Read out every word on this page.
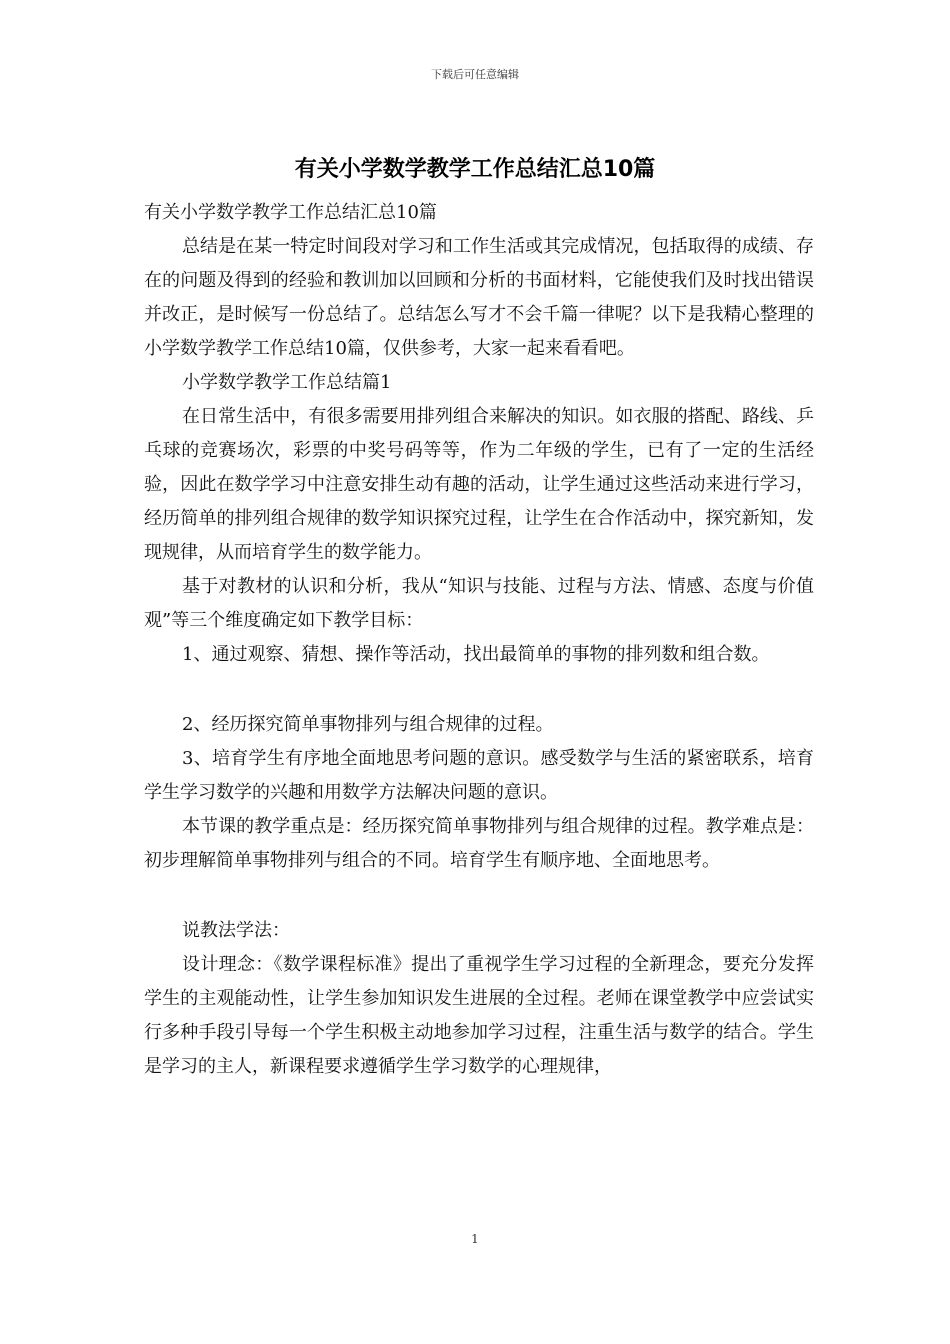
下载后可任意编辑
有关小学数学教学工作总结汇总10篇

有关小学数学教学工作总结汇总10篇

总结是在某一特定时间段对学习和工作生活或其完成情况，包括取得的成绩、存在的问题及得到的经验和教训加以回顾和分析的书面材料，它能使我们及时找出错误并改正，是时候写一份总结了。总结怎么写才不会千篇一律呢？以下是我精心整理的小学数学教学工作总结10篇，仅供参考，大家一起来看看吧。

小学数学教学工作总结篇1

在日常生活中，有很多需要用排列组合来解决的知识。如衣服的搭配、路线、乒乓球的竞赛场次，彩票的中奖号码等等，作为二年级的学生，已有了一定的生活经验，因此在数学学习中注意安排生动有趣的活动，让学生通过这些活动来进行学习，经历简单的排列组合规律的数学知识探究过程，让学生在合作活动中，探究新知，发现规律，从而培育学生的数学能力。

基于对教材的认识和分析，我从“知识与技能、过程与方法、情感、态度与价值观”等三个维度确定如下教学目标：

1、通过观察、猜想、操作等活动，找出最简单的事物的排列数和组合数。

2、经历探究简单事物排列与组合规律的过程。

3、培育学生有序地全面地思考问题的意识。感受数学与生活的紧密联系，培育学生学习数学的兴趣和用数学方法解决问题的意识。

本节课的教学重点是：经历探究简单事物排列与组合规律的过程。教学难点是：初步理解简单事物排列与组合的不同。培育学生有顺序地、全面地思考。

说教法学法：

设计理念：《数学课程标准》提出了重视学生学习过程的全新理念，要充分发挥学生的主观能动性，让学生参加知识发生进展的全过程。老师在课堂教学中应尝试实行多种手段引导每一个学生积极主动地参加学习过程，注重生活与数学的结合。学生是学习的主人，新课程要求遵循学生学习数学的心理规律，

1
